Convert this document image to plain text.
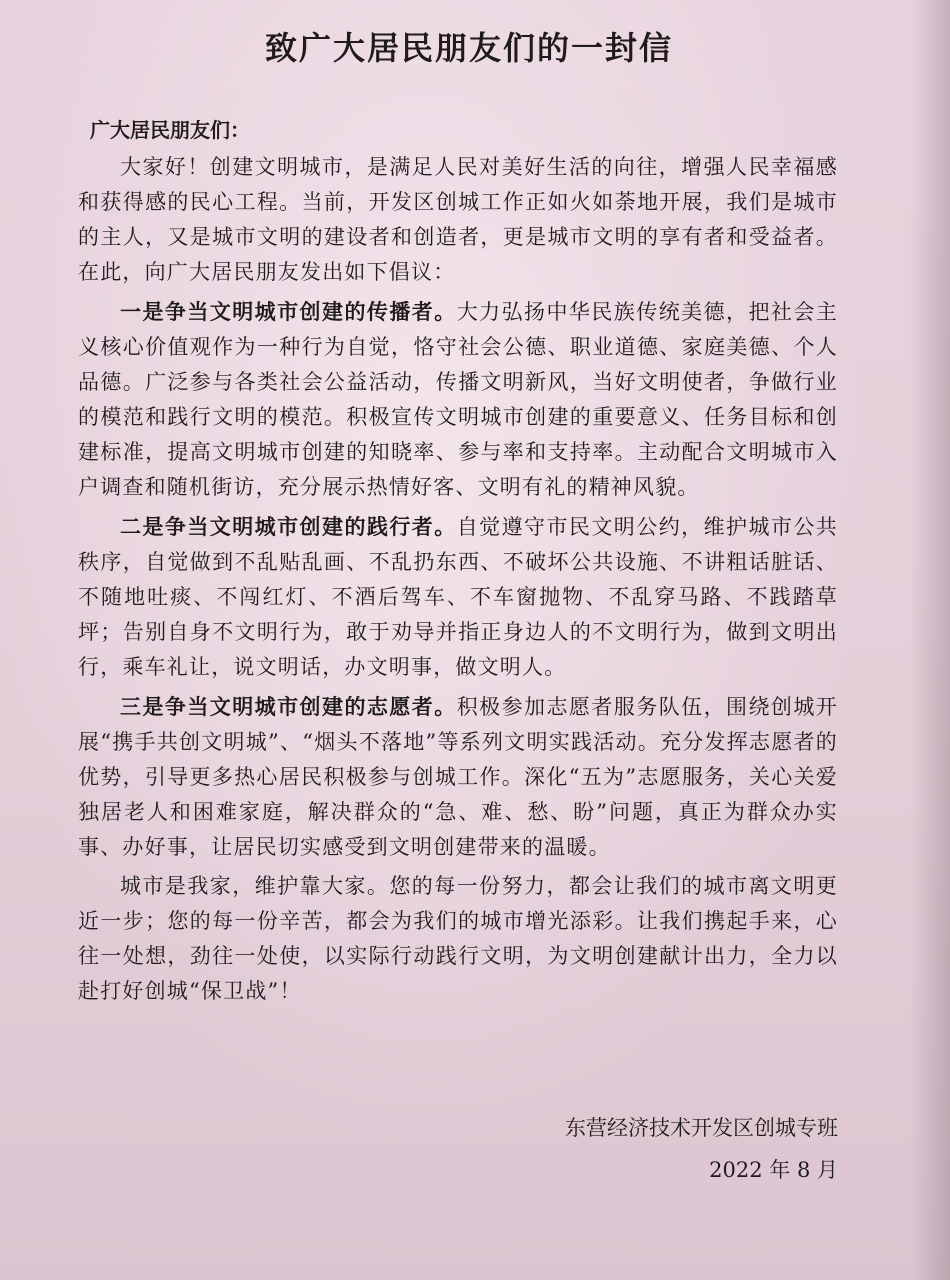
致广大居民朋友们的一封信
广大居民朋友们：

大家好！创建文明城市，是满足人民对美好生活的向往，增强人民幸福感和获得感的民心工程。当前，开发区创城工作正如火如荼地开展，我们是城市的主人，又是城市文明的建设者和创造者，更是城市文明的享有者和受益者。在此，向广大居民朋友发出如下倡议：

一是争当文明城市创建的传播者。大力弘扬中华民族传统美德，把社会主义核心价值观作为一种行为自觉，恪守社会公德、职业道德、家庭美德、个人品德。广泛参与各类社会公益活动，传播文明新风，当好文明使者，争做行业的模范和践行文明的模范。积极宣传文明城市创建的重要意义、任务目标和创建标准，提高文明城市创建的知晓率、参与率和支持率。主动配合文明城市入户调查和随机街访，充分展示热情好客、文明有礼的精神风貌。

二是争当文明城市创建的践行者。自觉遵守市民文明公约，维护城市公共秩序，自觉做到不乱贴乱画、不乱扔东西、不破坏公共设施、不讲粗话脏话、不随地吐痰、不闯红灯、不酒后驾车、不车窗抛物、不乱穿马路、不践踏草坪；告别自身不文明行为，敢于劝导并指正身边人的不文明行为，做到文明出行，乘车礼让，说文明话，办文明事，做文明人。

三是争当文明城市创建的志愿者。积极参加志愿者服务队伍，围绕创城开展“携手共创文明城”、“烟头不落地”等系列文明实践活动。充分发挥志愿者的优势，引导更多热心居民积极参与创城工作。深化“五为”志愿服务，关心关爱独居老人和困难家庭，解决群众的“急、难、愁、盼”问题，真正为群众办实事、办好事，让居民切实感受到文明创建带来的温暖。

城市是我家，维护靠大家。您的每一份努力，都会让我们的城市离文明更近一步；您的每一份辛苦，都会为我们的城市增光添彩。让我们携起手来，心往一处想，劲往一处使，以实际行动践行文明，为文明创建献计出力，全力以赴打好创城“保卫战”！

东营经济技术开发区创城专班
2022 年 8 月
